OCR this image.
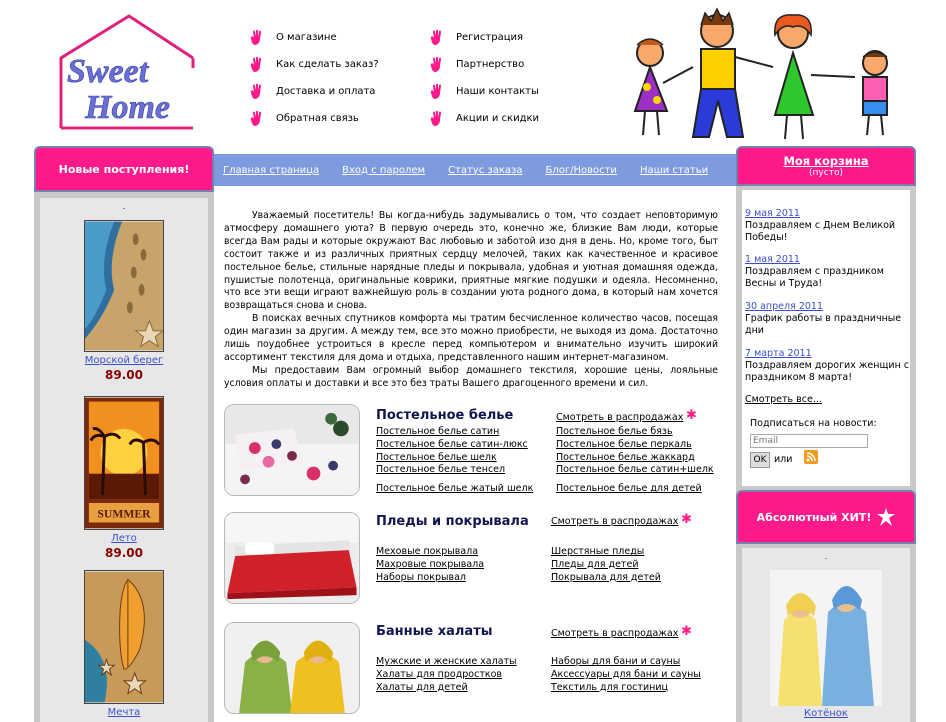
Sweet
Home
О магазине
Как сделать заказ?
Доставка и оплата
Обратная связь
Регистрация
Партнерство
Наши контакты
Акции и скидки
Новые поступления!
.
Морской берег
89.00
SUMMER
Лето
89.00
Мечта
Главная страница Вход с паролем Статус заказа Блог/Новости Наши статьи

Уважаемый посетитель! Вы когда-нибудь задумывались о том, что создает неповторимую атмосферу домашнего уюта? В первую очередь это, конечно же, близкие Вам люди, которые всегда Вам рады и которые окружают Вас любовью и заботой изо дня в день. Но, кроме того, быт состоит также и из различных приятных сердцу мелочей, таких как качественное и красивое постельное белье, стильные нарядные пледы и покрывала, удобная и уютная домашняя одежда, пушистые полотенца, оригинальные коврики, приятные мягкие подушки и одеяла. Несомненно, что все эти вещи играют важнейшую роль в создании уюта родного дома, в который нам хочется возвращаться снова и снова.

В поисках вечных спутников комфорта мы тратим бесчисленное количество часов, посещая один магазин за другим. А между тем, все это можно приобрести, не выходя из дома. Достаточно лишь поудобнее устроиться в кресле перед компьютером и внимательно изучить широкий ассортимент текстиля для дома и отдыха, представленного нашим интернет-магазином.

Мы предоставим Вам огромный выбор домашнего текстиля, хорошие цены, лояльные условия оплаты и доставки и все это без траты Вашего драгоценного времени и сил.

Постельное белье	Смотреть в распродажах ✱
Постельное белье сатин
Постельное белье сатин-люкс
Постельное белье шелк
Постельное белье тенсел
Постельное белье жатый шелк
Постельное белье бязь
Постельное белье перкаль
Постельное белье жаккард
Постельное белье сатин+шелк
Постельное белье для детей
Пледы и покрывала Смотреть в распродажах ✱
Меховые покрывала
Махровые покрывала
Наборы покрывал
Шерстяные пледы
Пледы для детей
Покрывала для детей
Банные халаты	Смотреть в распродажах ✱
Мужские и женские халаты
Халаты для продростков
Халаты для детей
Наборы для бани и сауны
Аксессуары для бани и сауны
Текстиль для гостиниц
Моя корзина
(пусто)
9 мая 2011
Поздравляем с Днем Великой Победы!
1 мая 2011
Поздравляем с праздником Весны и Труда!
30 апреля 2011
График работы в праздничные дни
7 марта 2011
Поздравляем дорогих женщин с праздником 8 марта!
Смотреть все...
Подписаться на новости:
Email
OK или
Абсолютный ХИТ!
.
Котёнок
